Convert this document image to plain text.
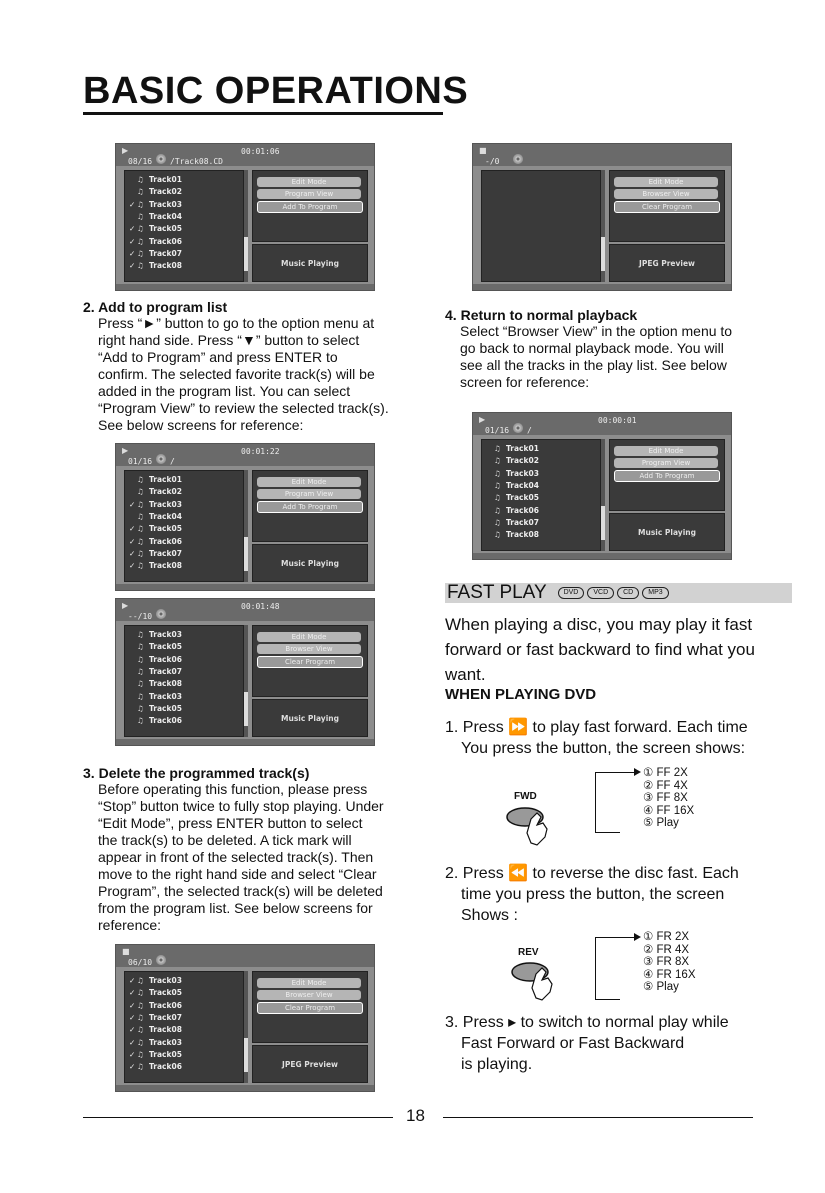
BASIC OPERATIONS
▶	00:01:06
08/16 /Track08.CD
♫ Track01
♫ Track02
✓ ♫ Track03
♫ Track04
✓ ♫ Track05
✓ ♫ Track06
✓ ♫ Track07
✓ ♫ Track08
Edit Mode
Program View
Add To Program
Music Playing
▶	00:01:22
01/16 /
♫ Track01
♫ Track02
✓ ♫ Track03
♫ Track04
✓ ♫ Track05
✓ ♫ Track06
✓ ♫ Track07
✓ ♫ Track08
Edit Mode
Program View
Add To Program
Music Playing
▶	00:01:48
--/10
♫ Track03
♫ Track05
♫ Track06
♫ Track07
♫ Track08
♫ Track03
♫ Track05
♫ Track06
Edit Mode
Browser View
Clear Program
Music Playing
■
06/10
✓ ♫ Track03
✓ ♫ Track05
✓ ♫ Track06
✓ ♫ Track07
✓ ♫ Track08
✓ ♫ Track03
✓ ♫ Track05
✓ ♫ Track06
Edit Mode
Browser View
Clear Program
JPEG Preview
■
-/0
Edit Mode
Browser View
Clear Program
JPEG Preview
▶	00:00:01
01/16 /
♫ Track01
♫ Track02
♫ Track03
♫ Track04
♫ Track05
♫ Track06
♫ Track07
♫ Track08
Edit Mode
Program View
Add To Program
Music Playing
2. Add to program list
Press “►” button to go to the option menu at
right hand side. Press “▼” button to select
“Add to Program” and press ENTER to
confirm. The selected favorite track(s) will be
added in the program list. You can select
“Program View” to review the selected track(s).
See below screens for reference:
3. Delete the programmed track(s)
Before operating this function, please press
“Stop” button twice to fully stop playing. Under
“Edit Mode”, press ENTER button to select
the track(s) to be deleted. A tick mark will
appear in front of the selected track(s). Then
move to the right hand side and select “Clear
Program”, the selected track(s) will be deleted
from the program list. See below screens for
reference:
4. Return to normal playback
Select “Browser View” in the option menu to
go back to normal playback mode. You will
see all the tracks in the play list. See below
screen for reference:
FAST PLAY DVD VCD CD MP3
When playing a disc, you may play it fast
forward or fast backward to find what you
want.
WHEN PLAYING DVD
1. Press ⏩ to play fast forward. Each time
You press the button, the screen shows:
FWD
① FF 2X
② FF 4X
③ FF 8X
④ FF 16X
⑤ Play
2. Press ⏪ to reverse the disc fast. Each
time you press the button, the screen
Shows :
REV
① FR 2X
② FR 4X
③ FR 8X
④ FR 16X
⑤ Play
3. Press ▸ to switch to normal play while
Fast Forward or Fast Backward
is playing.
18
